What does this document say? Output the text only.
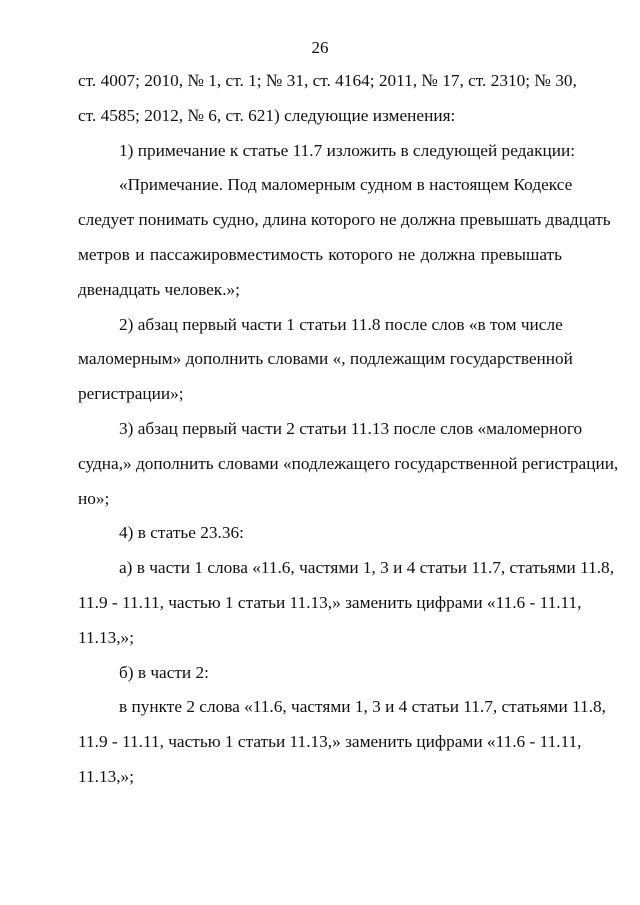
26
ст. 4007; 2010, № 1, ст. 1; № 31, ст. 4164; 2011, № 17, ст. 2310; № 30,
ст. 4585; 2012, № 6, ст. 621) следующие изменения:
1) примечание к статье 11.7 изложить в следующей редакции:
«Примечание. Под маломерным судном в настоящем Кодексе
следует понимать судно, длина которого не должна превышать двадцать
метров и пассажировместимость которого не должна превышать
двенадцать человек.»;
2) абзац первый части 1 статьи 11.8 после слов «в том числе
маломерным» дополнить словами «, подлежащим государственной
регистрации»;
3) абзац первый части 2 статьи 11.13 после слов «маломерного
судна,» дополнить словами «подлежащего государственной регистрации,
но»;
4) в статье 23.36:
а) в части 1 слова «11.6, частями 1, 3 и 4 статьи 11.7, статьями 11.8,
11.9 - 11.11, частью 1 статьи 11.13,» заменить цифрами «11.6 - 11.11,
11.13,»;
б) в части 2:
в пункте 2 слова «11.6, частями 1, 3 и 4 статьи 11.7, статьями 11.8,
11.9 - 11.11, частью 1 статьи 11.13,» заменить цифрами «11.6 - 11.11,
11.13,»;
